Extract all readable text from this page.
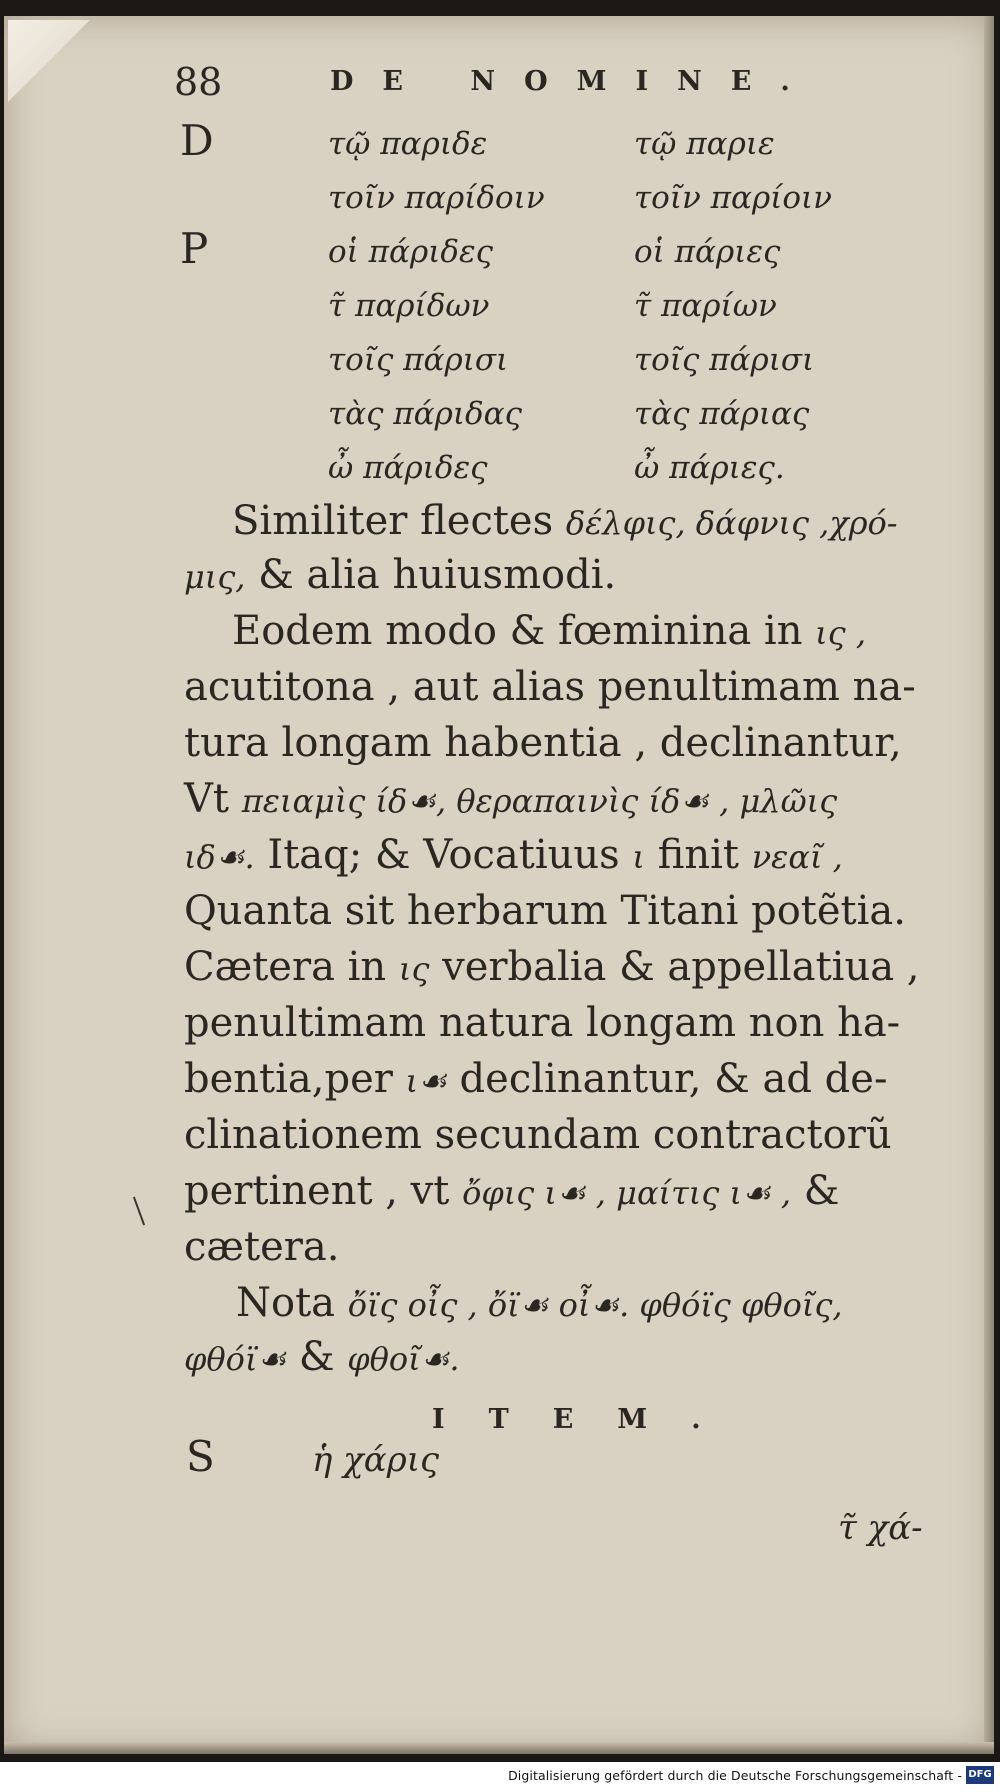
88	DE NOMINE.
D
P
S
τῷ παριδε	τῷ παριε
τοῖν παρίδοιν	τοῖν παρίοιν
οἱ πάριδες	οἱ πάριες
τ̃ παρίδων	τ̃ παρίων
τοῖς πάρισι	τοῖς πάρισι
τὰς πάριδας	τὰς πάριας
ὦ πάριδες	ὦ πάριες.
Similiter flectes δέλφις, δάφνις ,χρό-
μις, & alia huiusmodi.
Eodem modo & fœminina in ις ,
acutitona , aut alias penultimam na-
tura longam habentia , declinantur,
Vt πειαμὶς ίδ☙, θεραπαινὶς ίδ☙ , μλῶις
ιδ☙. Itaq; & Vocatiuus ι finit νεαῖ ,
Quanta sit herbarum Titani potẽtia.
Cætera in ις verbalia & appellatiua ,
penultimam natura longam non ha-
bentia,per ι☙ declinantur, & ad de-
clinationem secundam contractorũ
pertinent , vt ὄφις ι☙ , μαίτις ι☙ , &
cætera.
Nota ὄϊς οἶς , ὄϊ☙ οἶ☙. φθόϊς φθοῖς,
φθόϊ☙ & φθοῖ☙.
ITEM.
ἡ χάρις
τ̃ χά-
Digitalisierung gefördert durch die Deutsche Forschungsgemeinschaft - DFG
